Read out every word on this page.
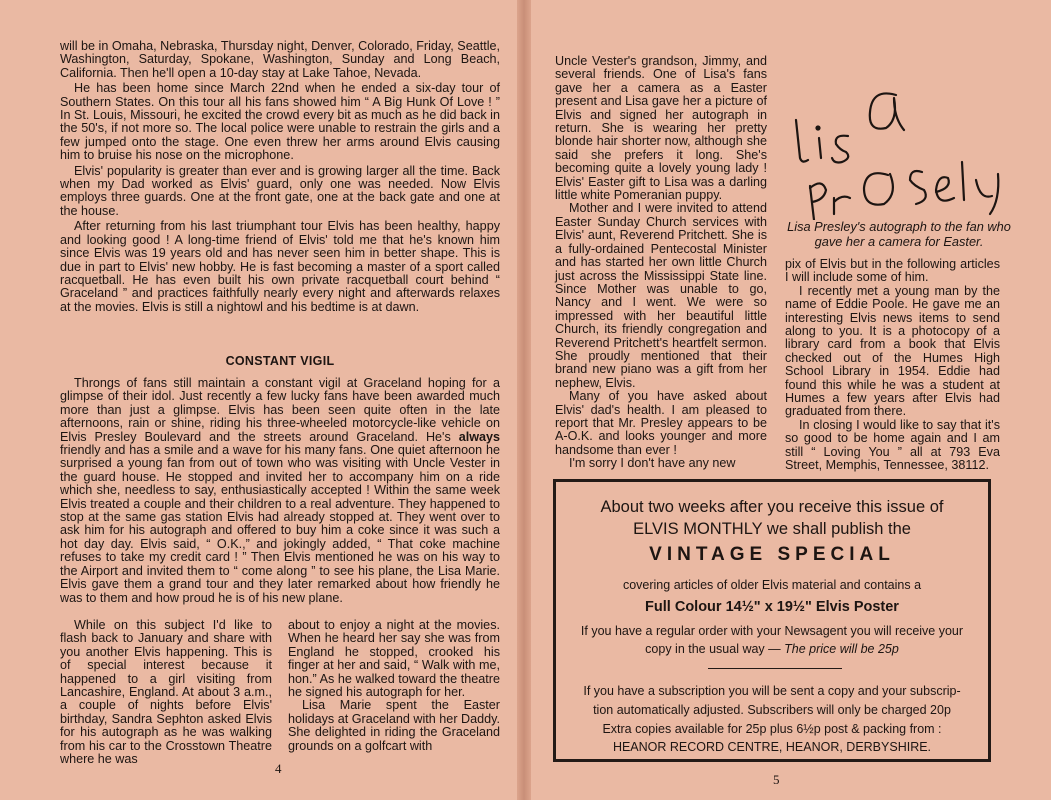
will be in Omaha, Nebraska, Thursday night, Denver, Colorado, Friday, Seattle, Washington, Saturday, Spokane, Washington, Sunday and Long Beach, California. Then he'll open a 10-day stay at Lake Tahoe, Nevada.

He has been home since March 22nd when he ended a six-day tour of Southern States. On this tour all his fans showed him “ A Big Hunk Of Love ! ” In St. Louis, Missouri, he excited the crowd every bit as much as he did back in the 50's, if not more so. The local police were unable to restrain the girls and a few jumped onto the stage. One even threw her arms around Elvis causing him to bruise his nose on the microphone.

Elvis' popularity is greater than ever and is growing larger all the time. Back when my Dad worked as Elvis' guard, only one was needed. Now Elvis employs three guards. One at the front gate, one at the back gate and one at the house.

After returning from his last triumphant tour Elvis has been healthy, happy and looking good ! A long-time friend of Elvis' told me that he's known him since Elvis was 19 years old and has never seen him in better shape. This is due in part to Elvis' new hobby. He is fast becoming a master of a sport called racquetball. He has even built his own private racquetball court behind “ Graceland ” and practices faithfully nearly every night and afterwards relaxes at the movies. Elvis is still a nightowl and his bedtime is at dawn.

CONSTANT VIGIL

Throngs of fans still maintain a constant vigil at Graceland hoping for a glimpse of their idol. Just recently a few lucky fans have been awarded much more than just a glimpse. Elvis has been seen quite often in the late afternoons, rain or shine, riding his three-wheeled motorcycle-like vehicle on Elvis Presley Boulevard and the streets around Graceland. He's always friendly and has a smile and a wave for his many fans. One quiet afternoon he surprised a young fan from out of town who was visiting with Uncle Vester in the guard house. He stopped and invited her to accompany him on a ride which she, needless to say, enthusiastically accepted ! Within the same week Elvis treated a couple and their children to a real adventure. They happened to stop at the same gas station Elvis had already stopped at. They went over to ask him for his autograph and offered to buy him a coke since it was such a hot day day. Elvis said, “ O.K.,” and jokingly added, “ That coke machine refuses to take my credit card ! ” Then Elvis mentioned he was on his way to the Airport and invited them to “ come along ” to see his plane, the Lisa Marie. Elvis gave them a grand tour and they later remarked about how friendly he was to them and how proud he is of his new plane.

While on this subject I'd like to flash back to January and share with you another Elvis happening. This is of special interest because it happened to a girl visiting from Lancashire, England. At about 3 a.m., a couple of nights before Elvis' birthday, Sandra Sephton asked Elvis for his autograph as he was walking from his car to the Crosstown Theatre where he was

about to enjoy a night at the movies. When he heard her say she was from England he stopped, crooked his finger at her and said, “ Walk with me, hon.” As he walked toward the theatre he signed his autograph for her.

Lisa Marie spent the Easter holidays at Graceland with her Daddy. She delighted in riding the Graceland grounds on a golfcart with

4

Uncle Vester's grandson, Jimmy, and several friends. One of Lisa's fans gave her a camera as a Easter present and Lisa gave her a picture of Elvis and signed her autograph in return. She is wearing her pretty blonde hair shorter now, although she said she prefers it long. She's becoming quite a lovely young lady ! Elvis' Easter gift to Lisa was a darling little white Pomeranian puppy.

Mother and I were invited to attend Easter Sunday Church services with Elvis' aunt, Reverend Pritchett. She is a fully-ordained Pentecostal Minister and has started her own little Church just across the Mississippi State line. Since Mother was unable to go, Nancy and I went. We were so impressed with her beautiful little Church, its friendly congregation and Reverend Pritchett's heartfelt sermon. She proudly mentioned that their brand new piano was a gift from her nephew, Elvis.

Many of you have asked about Elvis' dad's health. I am pleased to report that Mr. Presley appears to be A-O.K. and looks younger and more handsome than ever !

I'm sorry I don't have any new

Lisa Presley's autograph to the fan who gave her a camera for Easter.

pix of Elvis but in the following articles I will include some of him.

I recently met a young man by the name of Eddie Poole. He gave me an interesting Elvis news items to send along to you. It is a photocopy of a library card from a book that Elvis checked out of the Humes High School Library in 1954. Eddie had found this while he was a student at Humes a few years after Elvis had graduated from there.

In closing I would like to say that it's so good to be home again and I am still “ Loving You ” all at 793 Eva Street, Memphis, Tennessee, 38112.

5

About two weeks after you receive this issue of

ELVIS MONTHLY we shall publish the

VINTAGE SPECIAL

covering articles of older Elvis material and contains a

Full Colour 14½" x 19½" Elvis Poster

If you have a regular order with your Newsagent you will receive your

copy in the usual way — The price will be 25p

If you have a subscription you will be sent a copy and your subscrip-

tion automatically adjusted. Subscribers will only be charged 20p

Extra copies available for 25p plus 6½p post & packing from :

HEANOR RECORD CENTRE, HEANOR, DERBYSHIRE.
